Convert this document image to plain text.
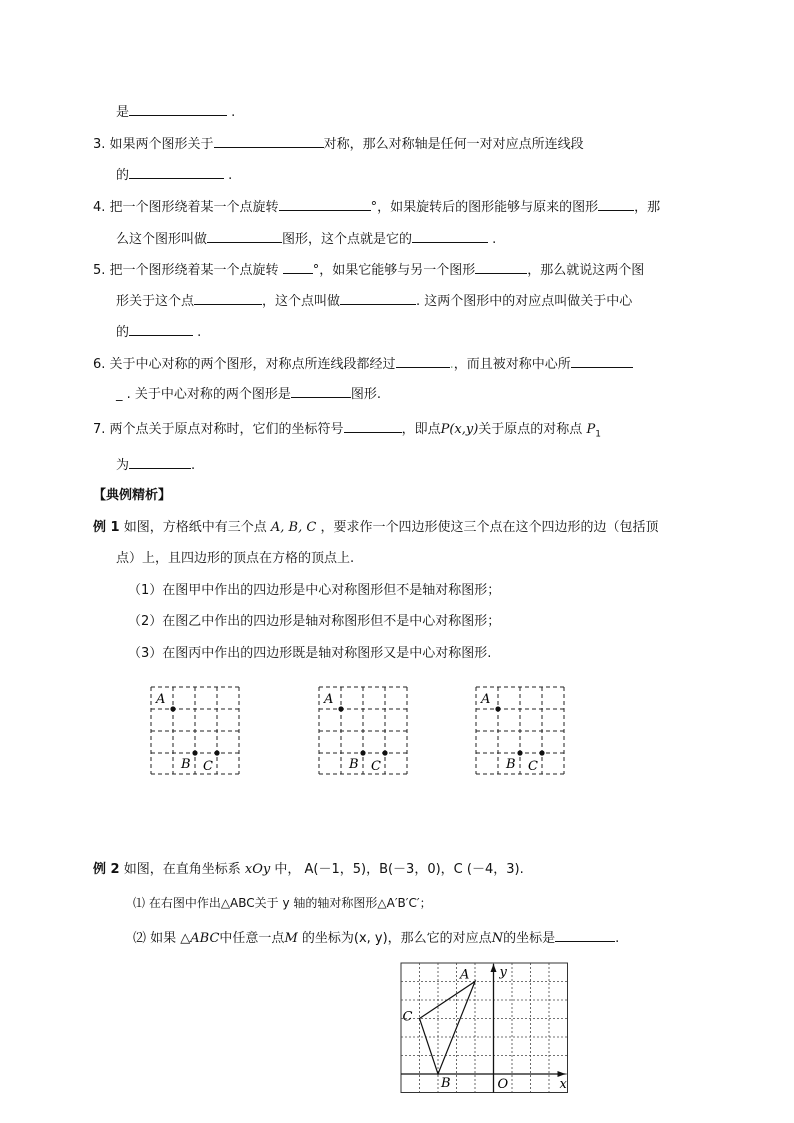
是	.
3. 如果两个图形关于	对称，那么对称轴是任何一对对应点所连线段
的	.
4. 把一个图形绕着某一个点旋转	°，如果旋转后的图形能够与原来的图形	，那
么这个图形叫做	图形，这个点就是它的	.
5. 把一个图形绕着某一个点旋转	°，如果它能够与另一个图形	，那么就说这两个图
形关于这个点	，这个点叫做	. 这两个图形中的对应点叫做关于中心
的	.
6. 关于中心对称的两个图形，对称点所连线段都经过	.，而且被对称中心所
_ . 关于中心对称的两个图形是	图形.
7. 两个点关于原点对称时，它们的坐标符号	，即点P(x,y)关于原点的对称点 $P_1$
为	.
【典例精析】
例 1 如图，方格纸中有三个点 A, B, C ，要求作一个四边形使这三个点在这个四边形的边（包括顶
点）上，且四边形的顶点在方格的顶点上.
（1）在图甲中作出的四边形是中心对称图形但不是轴对称图形；
（2）在图乙中作出的四边形是轴对称图形但不是中心对称图形；
（3）在图丙中作出的四边形既是轴对称图形又是中心对称图形.
A
B C
A
B C
A
B C
例 2 如图，在直角坐标系 xOy 中， A(－1，5)，B(－3，0)，C (－4，3).
⑴ 在右图中作出△ABC关于 y 轴的轴对称图形△A′B′C′；
⑵ 如果 △ABC中任意一点M 的坐标为(x, y)，那么它的对应点N的坐标是	.
x
y
O
A
B
C
